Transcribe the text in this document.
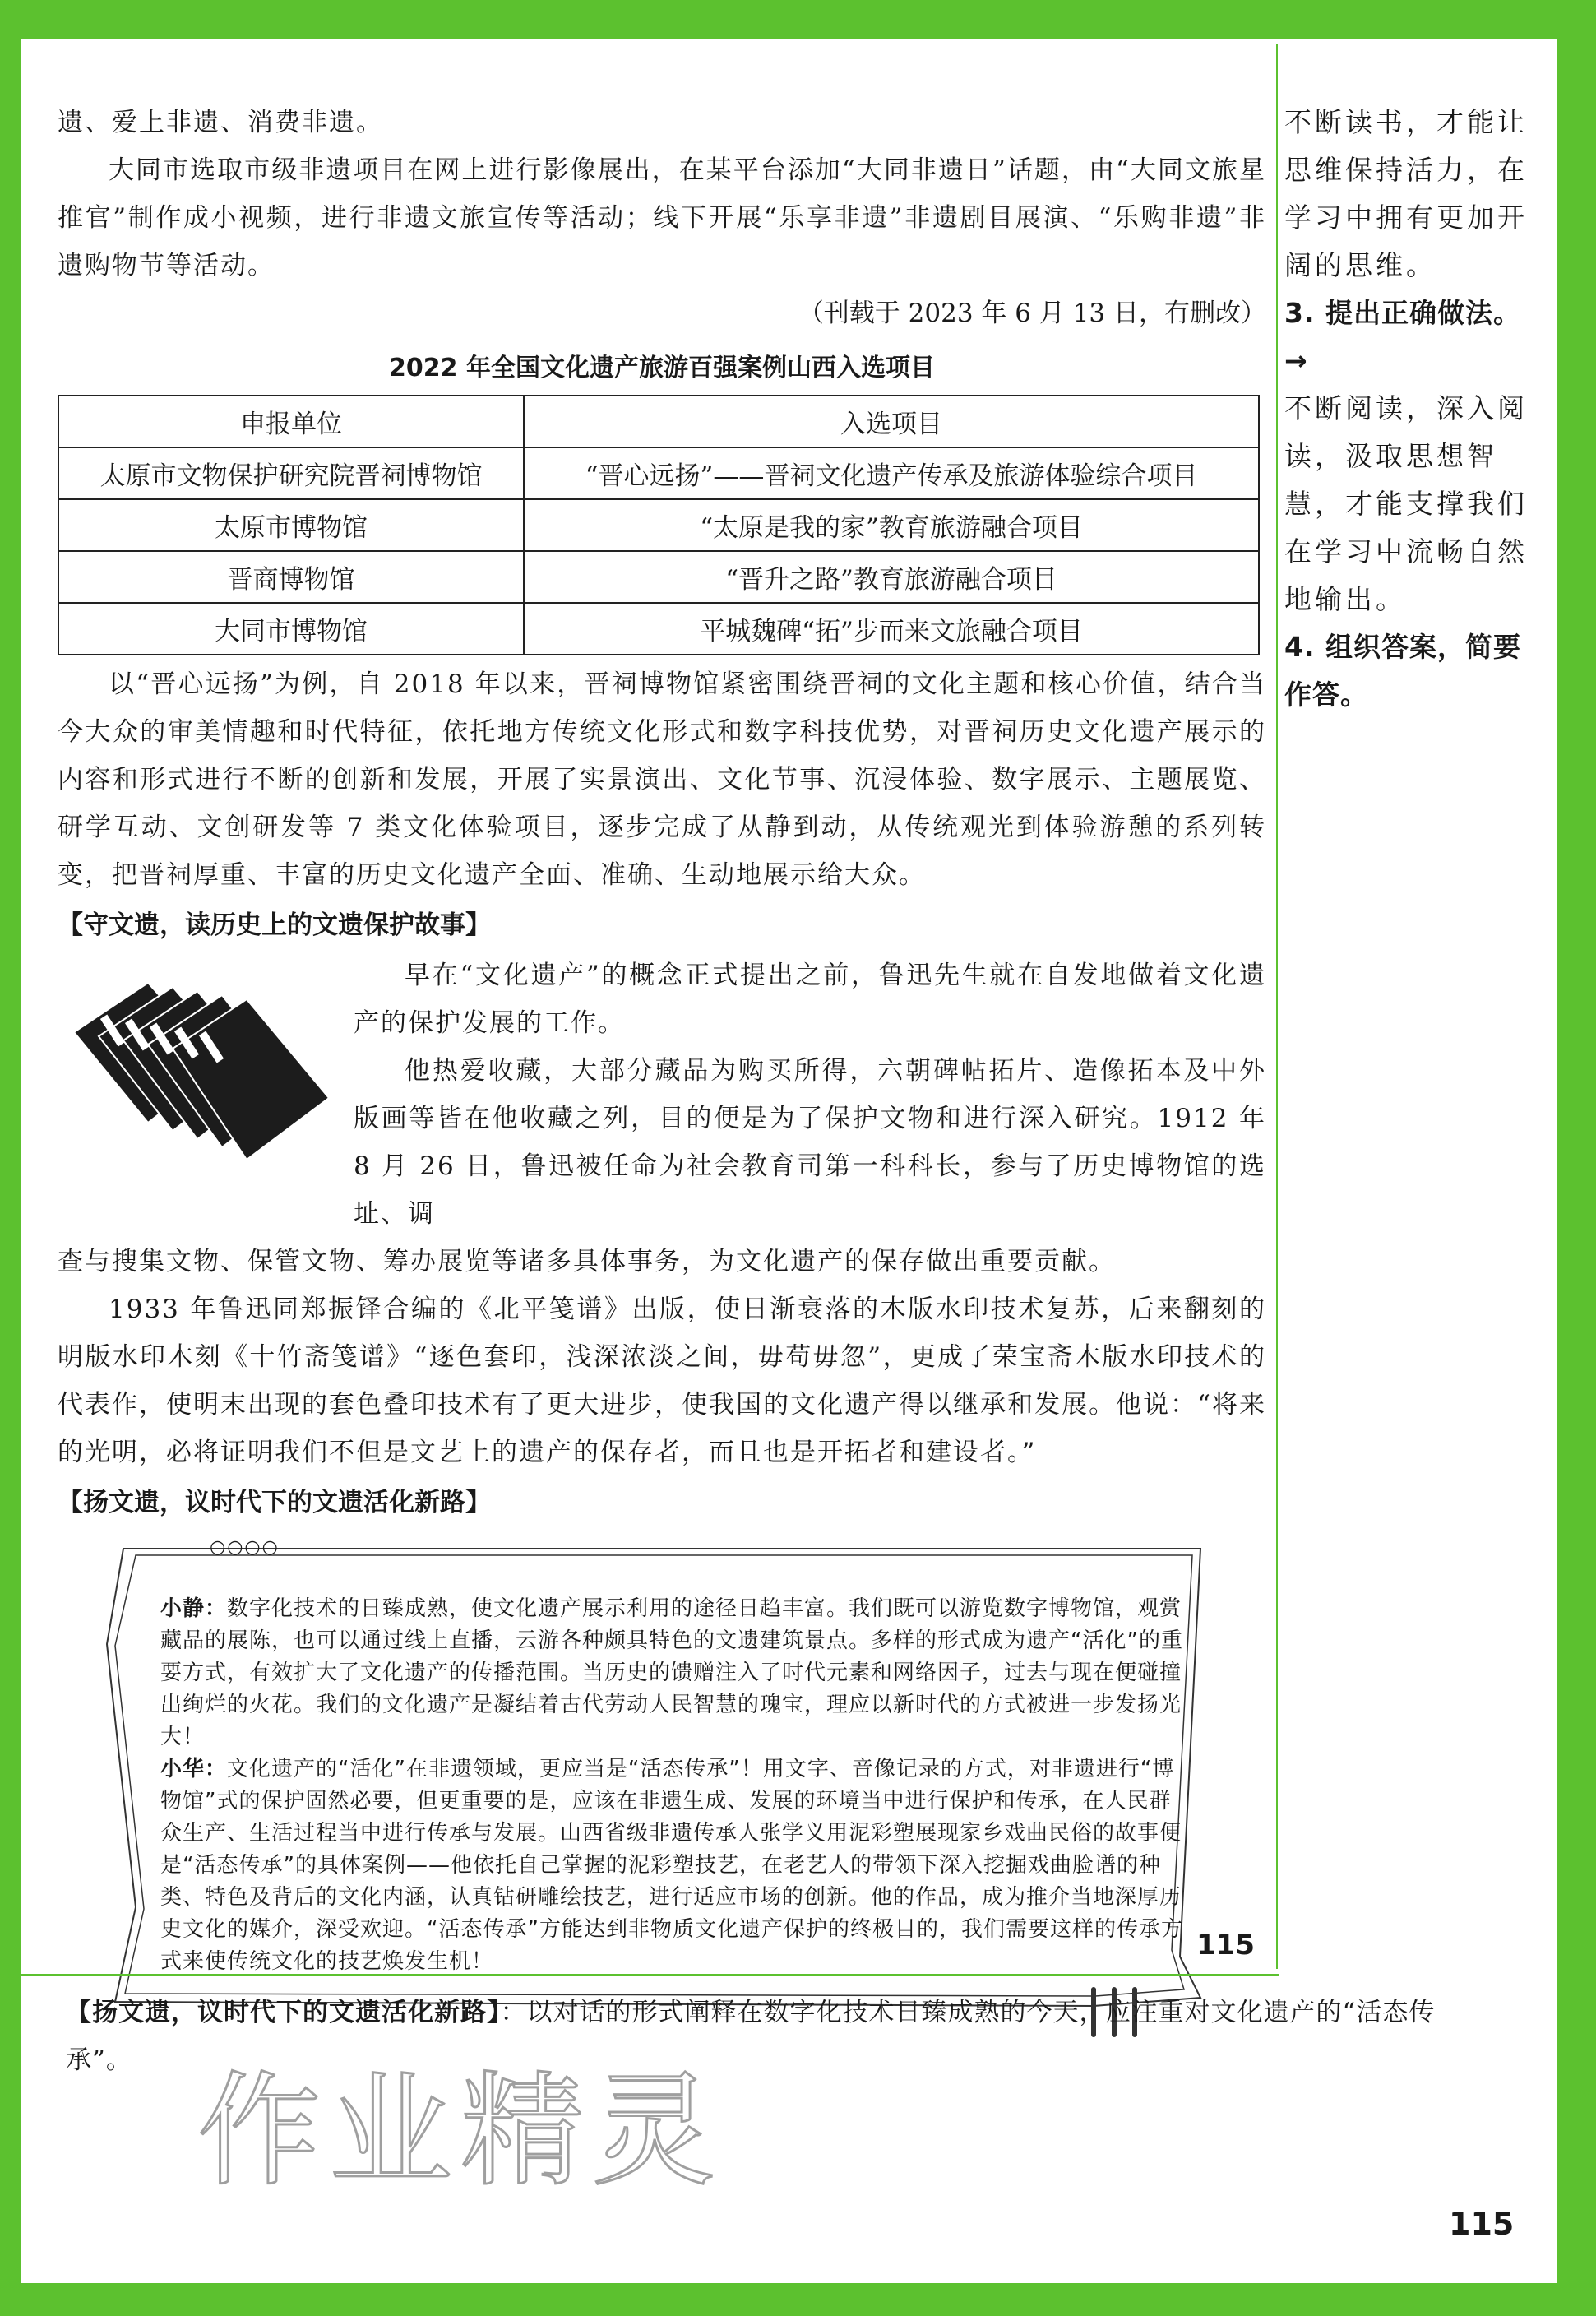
遗、爱上非遗、消费非遗。

大同市选取市级非遗项目在网上进行影像展出，在某平台添加“大同非遗日”话题，由“大同文旅星推官”制作成小视频，进行非遗文旅宣传等活动；线下开展“乐享非遗”非遗剧目展演、“乐购非遗”非遗购物节等活动。

（刊载于 2023 年 6 月 13 日，有删改）

2022 年全国文化遗产旅游百强案例山西入选项目
申报单位	入选项目
太原市文物保护研究院晋祠博物馆	“晋心远扬”——晋祠文化遗产传承及旅游体验综合项目
太原市博物馆	“太原是我的家”教育旅游融合项目
晋商博物馆	“晋升之路”教育旅游融合项目
大同市博物馆	平城魏碑“拓”步而来文旅融合项目

以“晋心远扬”为例，自 2018 年以来，晋祠博物馆紧密围绕晋祠的文化主题和核心价值，结合当今大众的审美情趣和时代特征，依托地方传统文化形式和数字科技优势，对晋祠历史文化遗产展示的内容和形式进行不断的创新和发展，开展了实景演出、文化节事、沉浸体验、数字展示、主题展览、研学互动、文创研发等 7 类文化体验项目，逐步完成了从静到动，从传统观光到体验游憩的系列转变，把晋祠厚重、丰富的历史文化遗产全面、准确、生动地展示给大众。

【守文遗，读历史上的文遗保护故事】

早在“文化遗产”的概念正式提出之前，鲁迅先生就在自发地做着文化遗产的保护发展的工作。

他热爱收藏，大部分藏品为购买所得，六朝碑帖拓片、造像拓本及中外版画等皆在他收藏之列，目的便是为了保护文物和进行深入研究。1912 年 8 月 26 日，鲁迅被任命为社会教育司第一科科长，参与了历史博物馆的选址、调

查与搜集文物、保管文物、筹办展览等诸多具体事务，为文化遗产的保存做出重要贡献。

1933 年鲁迅同郑振铎合编的《北平笺谱》出版，使日渐衰落的木版水印技术复苏，后来翻刻的明版水印木刻《十竹斋笺谱》“逐色套印，浅深浓淡之间，毋苟毋忽”，更成了荣宝斋木版水印技术的代表作，使明末出现的套色叠印技术有了更大进步，使我国的文化遗产得以继承和发展。他说：“将来的光明，必将证明我们不但是文艺上的遗产的保存者，而且也是开拓者和建设者。”

【扬文遗，议时代下的文遗活化新路】
○○○○

小静：数字化技术的日臻成熟，使文化遗产展示利用的途径日趋丰富。我们既可以游览数字博物馆，观赏藏品的展陈，也可以通过线上直播，云游各种颇具特色的文遗建筑景点。多样的形式成为遗产“活化”的重要方式，有效扩大了文化遗产的传播范围。当历史的馈赠注入了时代元素和网络因子，过去与现在便碰撞出绚烂的火花。我们的文化遗产是凝结着古代劳动人民智慧的瑰宝，理应以新时代的方式被进一步发扬光大！

小华：文化遗产的“活化”在非遗领域，更应当是“活态传承”！用文字、音像记录的方式，对非遗进行“博物馆”式的保护固然必要，但更重要的是，应该在非遗生成、发展的环境当中进行保护和传承，在人民群众生产、生活过程当中进行传承与发展。山西省级非遗传承人张学义用泥彩塑展现家乡戏曲民俗的故事便是“活态传承”的具体案例——他依托自己掌握的泥彩塑技艺，在老艺人的带领下深入挖掘戏曲脸谱的种类、特色及背后的文化内涵，认真钻研雕绘技艺，进行适应市场的创新。他的作品，成为推介当地深厚历史文化的媒介，深受欢迎。“活态传承”方能达到非物质文化遗产保护的终极目的，我们需要这样的传承方式来使传统文化的技艺焕发生机！	115

不断读书，才能让思维保持活力，在学习中拥有更加开阔的思维。

3. 提出正确做法。→

不断阅读，深入阅读，汲取思想智慧，才能支撑我们在学习中流畅自然地输出。

4. 组织答案，简要作答。

【扬文遗，议时代下的文遗活化新路】：以对话的形式阐释在数字化技术日臻成熟的今天，应注重对文化遗产的“活态传承”。 作业精灵
115
